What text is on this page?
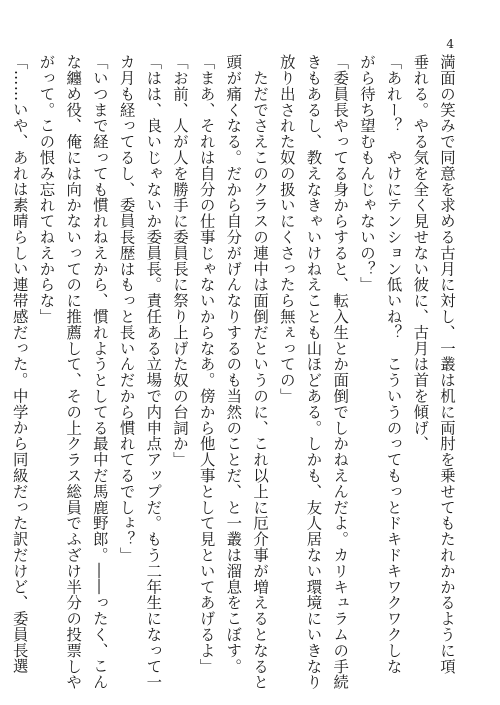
4
満面の笑みで同意を求める古月に対し、一叢は机に両肘を乗せてもたれかかるように項
垂れる。やる気を全く見せない彼に、古月は首を傾げ、
「あれー？　やけにテンション低いね？　こういうのってもっとドキドキワクワクしな
がら待ち望むもんじゃないの？」
「委員長やってる身からすると、転入生とか面倒でしかねえんだよ。カリキュラムの手続
きもあるし、教えなきゃいけねえことも山ほどある。しかも、友人居ない環境にいきなり
放り出された奴の扱いにくさったら無ぇっての」
　ただでさえこのクラスの連中は面倒だというのに、これ以上に厄介事が増えるとなると
頭が痛くなる。だから自分がげんなりするのも当然のことだ、と一叢は溜息をこぼす。
「まあ、それは自分の仕事じゃないからなあ。傍から他人事として見といてあげるよ」
「お前、人が人を勝手に委員長に祭り上げた奴の台詞か」
「はは、良いじゃないか委員長。責任ある立場で内申点アップだ。もう二年生になって一
カ月も経ってるし、委員長歴はもっと長いんだから慣れてるでしょ？」
「いつまで経っても慣れねえから、慣れようとしてる最中だ馬鹿野郎。――ったく、こん
な纏め役、俺には向かないってのに推薦して、その上クラス総員でふざけ半分の投票しや
がって。この恨み忘れてねえからな」
「……いや、あれは素晴らしい連帯感だった。中学から同級だった訳だけど、委員長選
